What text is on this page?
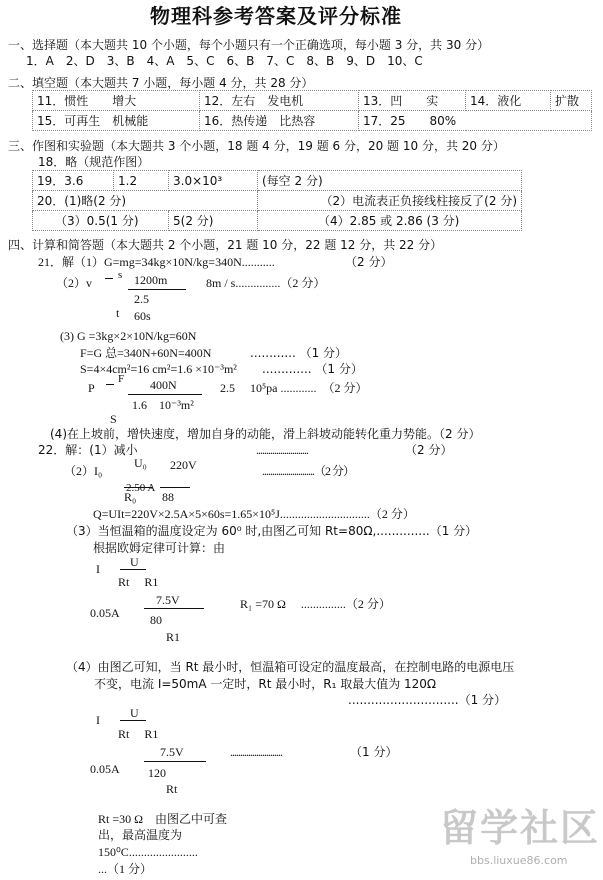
物理科参考答案及评分标准
一、选择题（本大题共 10 个小题，每个小题只有一个正确选项，每小题 3 分，共 30 分）
1．A　2、D　3、B　4、A　5、C　6、B　7、C　8、B　9、D　10、C
二、填空题（本大题共 7 小题，每小题 4 分，共 28 分）
11．惯性　　增大	12．左右　发电机	13．凹　　实	14．液化	扩散
15．可再生　机械能	16．热传递　比热容	17．25　　80%		
三、作图和实验题（本大题共 3 个小题，18 题 4 分，19 题 6 分，20 题 10 分，共 20 分）
18．略（规范作图）
19．3.6	1.2	3.0×10³	(每空 2 分)
20．(1)略(2 分)			（2）电流表正负接线柱接反了(2 分)
（3）0.5(1 分)		5(2 分)	（4）2.85 或 2.86 (3 分)
四、计算和简答题（本大题共 2 个小题，21 题 10 分，22 题 12 分，共 22 分）
21．解（1）G=mg=34kg×10N/kg=340N...........	（2 分）
s 1200m
（2）v	8m / s...............（2 分）
2.5
t 60s
(3) G =3kg×2×10N/kg=60N
F=G 总=340N+60N=400N	............ （1 分）
S=4×4cm²=16 cm²=1.6 ×10⁻³m² ............. （1 分）
F 400N
P	2.5　 10⁵pa ............　（2 分）
1.6　10⁻³m²
S
(4)在上坡前，增快速度，增加自身的动能，滑上斜坡动能转化重力势能。（2 分）
22．解：(1）减小	..........................	（2 分）
U₀ 220V
（2）I₀	..........................（2 分）
2.50 A
R₀ 88
Q=UIt=220V×2.5A×5×60s=1.65×10⁵J..............................（2 分）
（3）当恒温箱的温度设定为 60⁰ 时,由图乙可知 Rt=80Ω,..............（1 分）
根据欧姆定律可计算：由
U
I
Rt　 R1
7.5V
0.05A
R₁ =70 Ω　 ...............（2 分）
80
R1
（4）由图乙可知，当 Rt 最小时，恒温箱可设定的温度最高，在控制电路的电源电压
不变，电流 I=50mA 一定时，Rt 最小时，R₁ 取最大值为 120Ω
.............................（1 分）
U
I
Rt　 R1
7.5V	..........................	（1 分）
0.05A 120
Rt
Rt =30 Ω　由图乙中可查
出，最高温度为
150⁰C.......................
...（1 分）
留学社区
bbs.liuxue86.com
